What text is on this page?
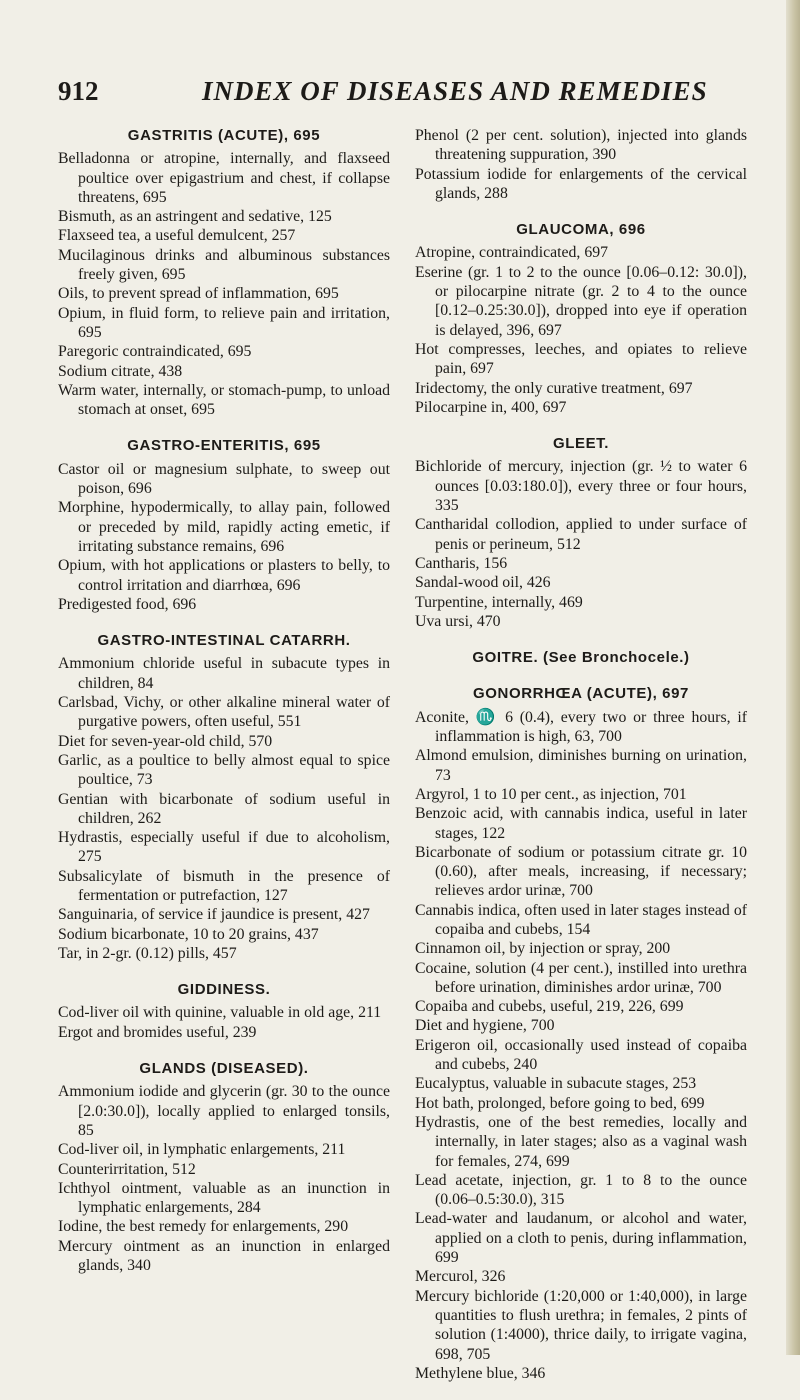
912	INDEX OF DISEASES AND REMEDIES
GASTRITIS (ACUTE), 695
Belladonna or atropine, internally, and flaxseed poultice over epigastrium and chest, if collapse threatens, 695
Bismuth, as an astringent and sedative, 125
Flaxseed tea, a useful demulcent, 257
Mucilaginous drinks and albuminous substances freely given, 695
Oils, to prevent spread of inflammation, 695
Opium, in fluid form, to relieve pain and irritation, 695
Paregoric contraindicated, 695
Sodium citrate, 438
Warm water, internally, or stomach-pump, to unload stomach at onset, 695
GASTRO-ENTERITIS, 695
Castor oil or magnesium sulphate, to sweep out poison, 696
Morphine, hypodermically, to allay pain, followed or preceded by mild, rapidly acting emetic, if irritating substance remains, 696
Opium, with hot applications or plasters to belly, to control irritation and diarrhœa, 696
Predigested food, 696
GASTRO-INTESTINAL CATARRH.
Ammonium chloride useful in subacute types in children, 84
Carlsbad, Vichy, or other alkaline mineral water of purgative powers, often useful, 551
Diet for seven-year-old child, 570
Garlic, as a poultice to belly almost equal to spice poultice, 73
Gentian with bicarbonate of sodium useful in children, 262
Hydrastis, especially useful if due to alcoholism, 275
Subsalicylate of bismuth in the presence of fermentation or putrefaction, 127
Sanguinaria, of service if jaundice is present, 427
Sodium bicarbonate, 10 to 20 grains, 437
Tar, in 2-gr. (0.12) pills, 457
GIDDINESS.
Cod-liver oil with quinine, valuable in old age, 211
Ergot and bromides useful, 239
GLANDS (DISEASED).
Ammonium iodide and glycerin (gr. 30 to the ounce [2.0:30.0]), locally applied to enlarged tonsils, 85
Cod-liver oil, in lymphatic enlargements, 211
Counterirritation, 512
Ichthyol ointment, valuable as an inunction in lymphatic enlargements, 284
Iodine, the best remedy for enlargements, 290
Mercury ointment as an inunction in enlarged glands, 340
Phenol (2 per cent. solution), injected into glands threatening suppuration, 390
Potassium iodide for enlargements of the cervical glands, 288
GLAUCOMA, 696
Atropine, contraindicated, 697
Eserine (gr. 1 to 2 to the ounce [0.06–0.12: 30.0]), or pilocarpine nitrate (gr. 2 to 4 to the ounce [0.12–0.25:30.0]), dropped into eye if operation is delayed, 396, 697
Hot compresses, leeches, and opiates to relieve pain, 697
Iridectomy, the only curative treatment, 697
Pilocarpine in, 400, 697
GLEET.
Bichloride of mercury, injection (gr. ½ to water 6 ounces [0.03:180.0]), every three or four hours, 335
Cantharidal collodion, applied to under surface of penis or perineum, 512
Cantharis, 156
Sandal-wood oil, 426
Turpentine, internally, 469
Uva ursi, 470
GOITRE. (See Bronchocele.)
GONORRHŒA (ACUTE), 697
Aconite, ♏ 6 (0.4), every two or three hours, if inflammation is high, 63, 700
Almond emulsion, diminishes burning on urination, 73
Argyrol, 1 to 10 per cent., as injection, 701
Benzoic acid, with cannabis indica, useful in later stages, 122
Bicarbonate of sodium or potassium citrate gr. 10 (0.60), after meals, increasing, if necessary; relieves ardor urinæ, 700
Cannabis indica, often used in later stages instead of copaiba and cubebs, 154
Cinnamon oil, by injection or spray, 200
Cocaine, solution (4 per cent.), instilled into urethra before urination, diminishes ardor urinæ, 700
Copaiba and cubebs, useful, 219, 226, 699
Diet and hygiene, 700
Erigeron oil, occasionally used instead of copaiba and cubebs, 240
Eucalyptus, valuable in subacute stages, 253
Hot bath, prolonged, before going to bed, 699
Hydrastis, one of the best remedies, locally and internally, in later stages; also as a vaginal wash for females, 274, 699
Lead acetate, injection, gr. 1 to 8 to the ounce (0.06–0.5:30.0), 315
Lead-water and laudanum, or alcohol and water, applied on a cloth to penis, during inflammation, 699
Mercurol, 326
Mercury bichloride (1:20,000 or 1:40,000), in large quantities to flush urethra; in females, 2 pints of solution (1:4000), thrice daily, to irrigate vagina, 698, 705
Methylene blue, 346
